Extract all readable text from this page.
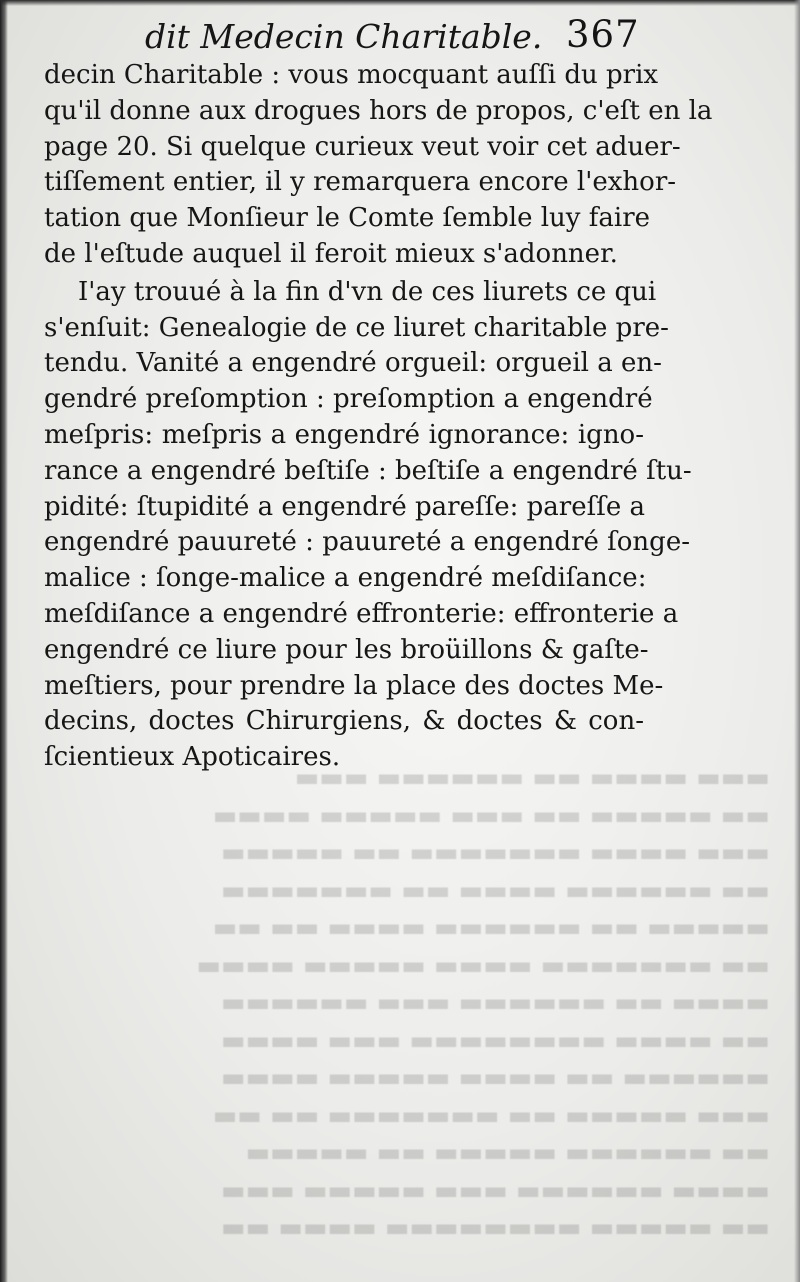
▬▬▬ ▬▬▬▬ ▬▬ ▬▬▬▬▬▬ ▬▬▬
▬▬ ▬▬▬▬▬ ▬▬ ▬▬▬ ▬▬▬▬▬ ▬▬▬▬
▬▬▬ ▬▬▬▬ ▬▬▬▬▬▬▬ ▬▬ ▬▬▬▬▬
▬▬ ▬▬▬▬▬▬ ▬▬▬▬ ▬▬ ▬▬▬▬▬▬▬
▬▬▬▬▬ ▬▬ ▬▬▬▬▬▬ ▬▬▬▬ ▬▬ ▬▬
▬▬ ▬▬▬▬▬▬▬ ▬▬▬▬ ▬▬▬▬▬ ▬▬▬▬
▬▬▬▬ ▬▬ ▬▬▬▬▬▬ ▬▬▬ ▬▬▬▬▬▬
▬▬ ▬▬▬▬ ▬▬▬▬▬▬▬▬ ▬▬▬ ▬▬▬▬
▬▬▬▬▬▬ ▬▬ ▬▬▬▬ ▬▬▬▬▬ ▬▬▬▬
▬▬▬ ▬▬▬▬▬ ▬▬ ▬▬▬▬▬▬▬ ▬▬ ▬▬
▬▬ ▬▬▬▬▬▬ ▬▬▬▬▬ ▬▬ ▬▬▬▬▬
▬▬▬▬ ▬▬▬▬▬▬ ▬▬▬ ▬▬▬▬▬ ▬▬▬
▬▬ ▬▬▬▬▬ ▬▬▬▬▬▬▬▬ ▬▬▬▬ ▬▬
dit Medecin Charitable. 367
decin Charitable : vous mocquant auſſi du prix
qu'il donne aux drogues hors de propos, c'eſt en la
page 20. Si quelque curieux veut voir cet aduer-
tiſſement entier, il y remarquera encore l'exhor-
tation que Monſieur le Comte ſemble luy faire
de l'eſtude auquel il feroit mieux s'adonner.
I'ay trouué à la fin d'vn de ces liurets ce qui
s'enſuit: Genealogie de ce liuret charitable pre-
tendu. Vanité a engendré orgueil: orgueil a en-
gendré preſomption : preſomption a engendré
meſpris: meſpris a engendré ignorance: igno-
rance a engendré beſtiſe : beſtiſe a engendré ſtu-
pidité: ſtupidité a engendré pareſſe: pareſſe a
engendré pauureté : pauureté a engendré ſonge-
malice : ſonge-malice a engendré meſdiſance:
meſdiſance a engendré effronterie: effronterie a
engendré ce liure pour les broüillons & gaſte-
meſtiers, pour prendre la place des doctes Me-
decins, doctes Chirurgiens, & doctes & con-
ſcientieux Apoticaires.
